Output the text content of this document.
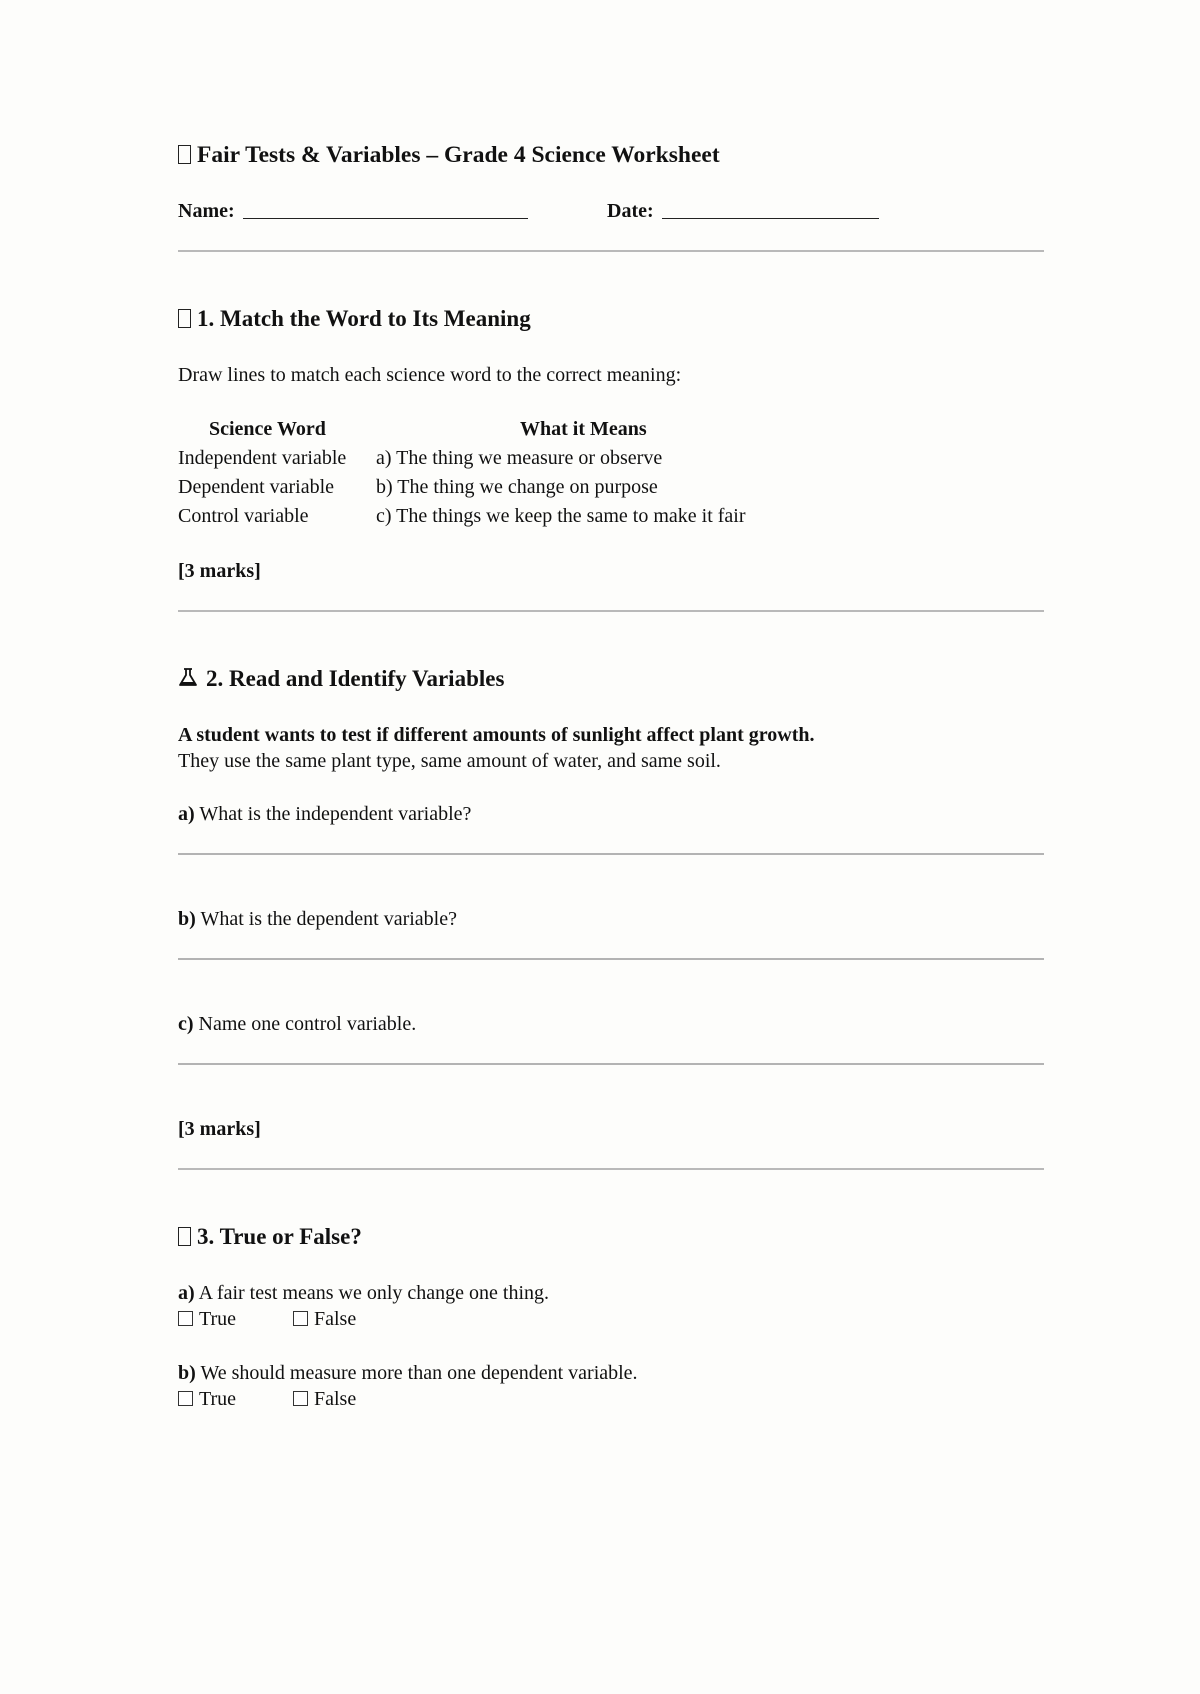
Fair Tests & Variables – Grade 4 Science Worksheet
Name:	Date:
1. Match the Word to Its Meaning
Draw lines to match each science word to the correct meaning:
Science Word	What it Means
Independent variable a) The thing we measure or observe
Dependent variable b) The thing we change on purpose
Control variable	c) The things we keep the same to make it fair
[3 marks]
2. Read and Identify Variables
A student wants to test if different amounts of sunlight affect plant growth.
They use the same plant type, same amount of water, and same soil.
a) What is the independent variable?
b) What is the dependent variable?
c) Name one control variable.
[3 marks]
3. True or False?
a) A fair test means we only change one thing.
True	False
b) We should measure more than one dependent variable.
True	False
